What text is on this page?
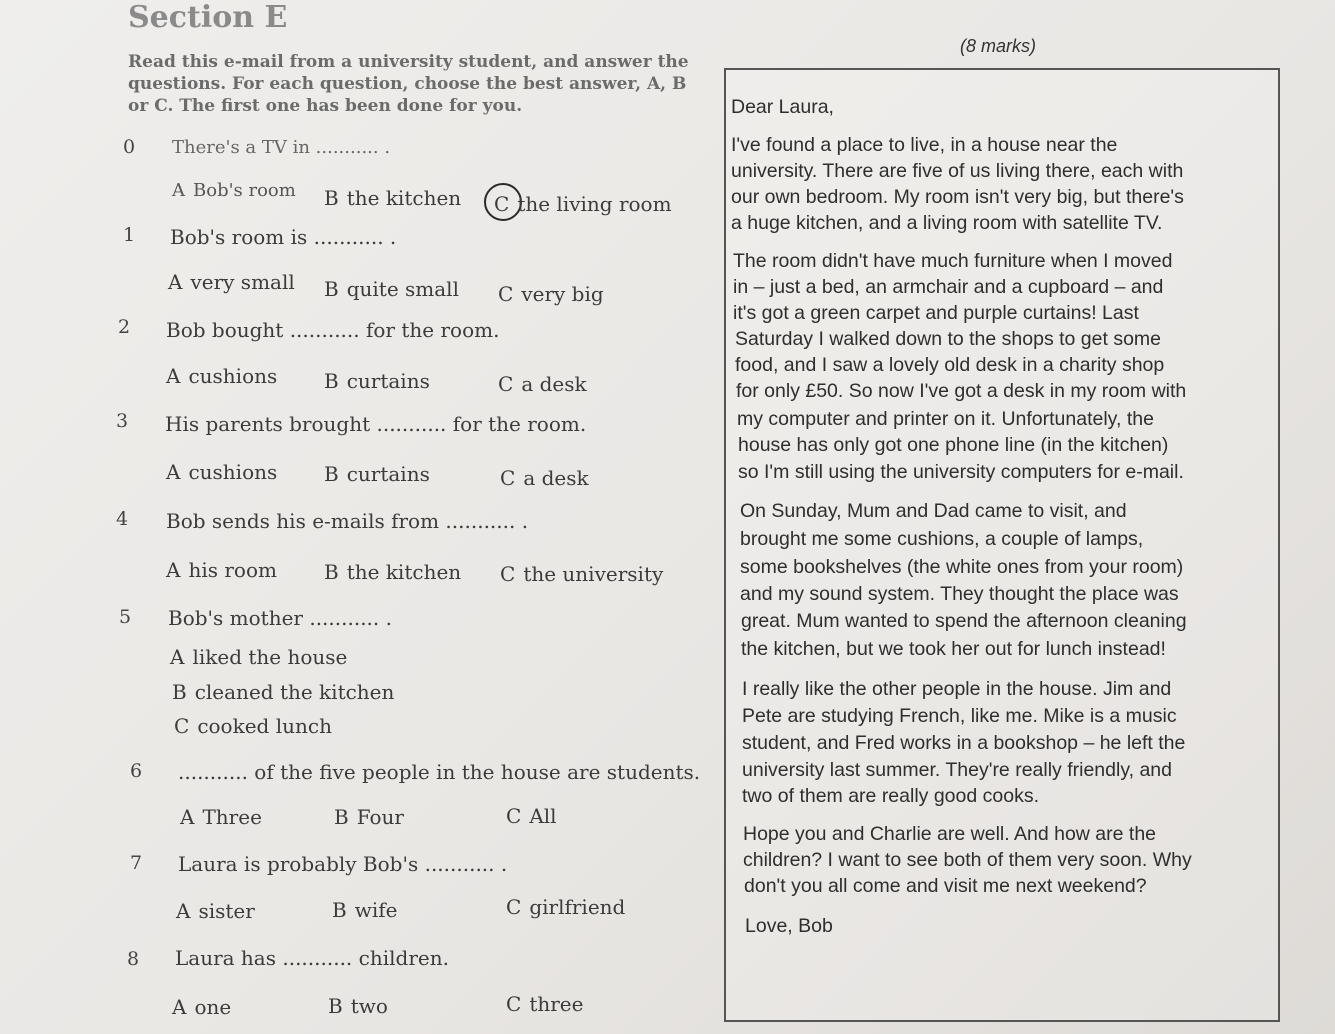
Section E
(8 marks)
Read this e-mail from a university student, and answer the
questions. For each question, choose the best answer, A, B
or C. The first one has been done for you.
0 There's a TV in ........... .
A Bob's room B the kitchen C the living room
1 Bob's room is ........... .
A very small B quite small C very big
2 Bob bought ........... for the room.
A cushions B curtains	C a desk
3 His parents brought ........... for the room.
A cushions B curtains	C a desk
4 Bob sends his e-mails from ........... .
A his room B the kitchen C the university
5 Bob's mother ........... .
A liked the house
B cleaned the kitchen
C cooked lunch
6 ........... of the five people in the house are students.
A Three	B Four	C All
7 Laura is probably Bob's ........... .
A sister	B wife	C girlfriend
8 Laura has ........... children.
A one	B two	C three
Dear Laura,
I've found a place to live, in a house near the
university. There are five of us living there, each with
our own bedroom. My room isn't very big, but there's
a huge kitchen, and a living room with satellite TV.
The room didn't have much furniture when I moved
in – just a bed, an armchair and a cupboard – and
it's got a green carpet and purple curtains! Last
Saturday I walked down to the shops to get some
food, and I saw a lovely old desk in a charity shop
for only £50. So now I've got a desk in my room with
my computer and printer on it. Unfortunately, the
house has only got one phone line (in the kitchen)
so I'm still using the university computers for e-mail.
On Sunday, Mum and Dad came to visit, and
brought me some cushions, a couple of lamps,
some bookshelves (the white ones from your room)
and my sound system. They thought the place was
great. Mum wanted to spend the afternoon cleaning
the kitchen, but we took her out for lunch instead!
I really like the other people in the house. Jim and
Pete are studying French, like me. Mike is a music
student, and Fred works in a bookshop – he left the
university last summer. They're really friendly, and
two of them are really good cooks.
Hope you and Charlie are well. And how are the
children? I want to see both of them very soon. Why
don't you all come and visit me next weekend?
Love, Bob
